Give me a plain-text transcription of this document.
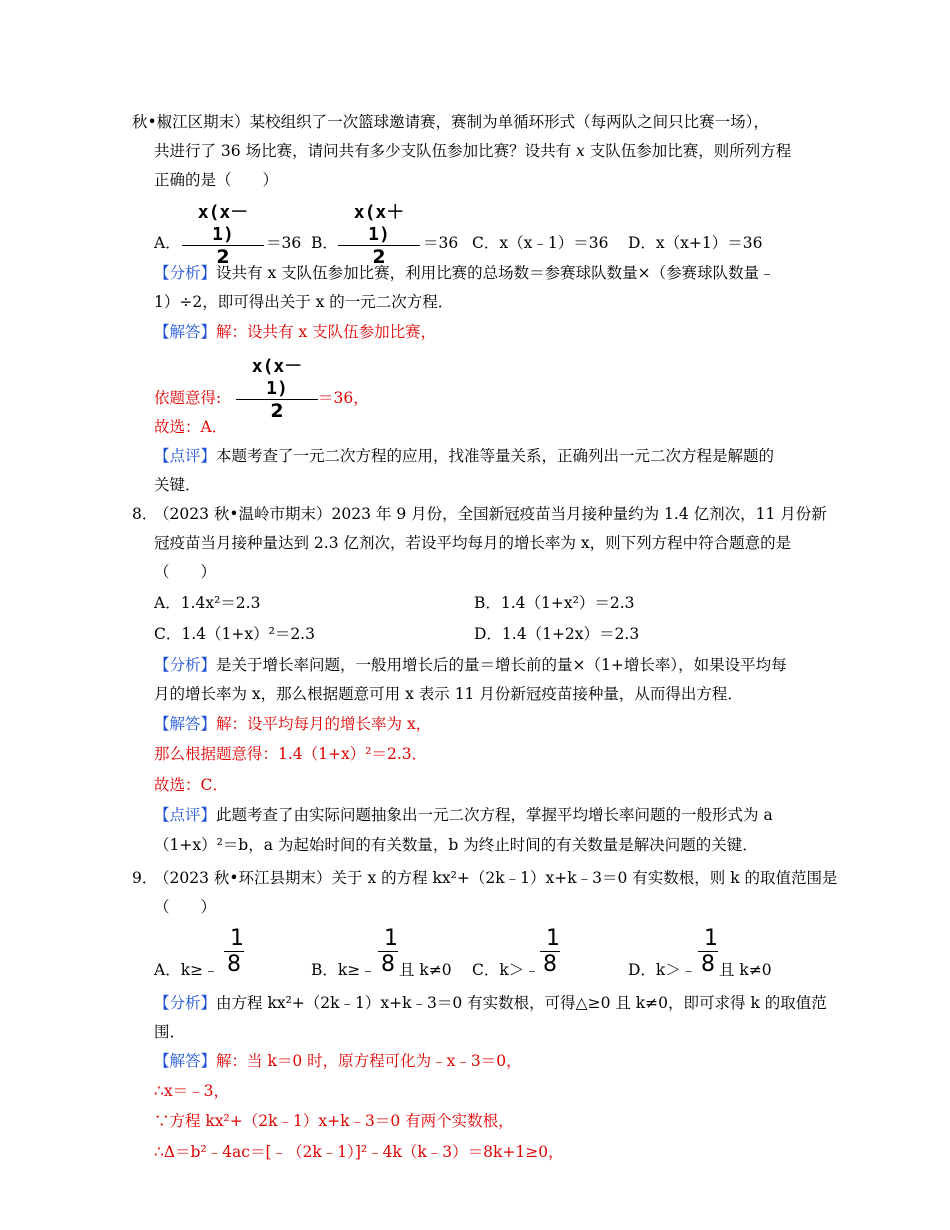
秋•椒江区期末）某校组织了一次篮球邀请赛，赛制为单循环形式（每两队之间只比赛一场），
共进行了 36 场比赛，请问共有多少支队伍参加比赛？设共有 x 支队伍参加比赛，则所列方程
正确的是（　　）
A．
x(x－1)
2
＝36 B．
x(x＋1)
2
＝36 C．x（x﹣1）＝36 D．x（x+1）＝36
【分析】设共有 x 支队伍参加比赛，利用比赛的总场数＝参赛球队数量×（参赛球队数量﹣
1）÷2，即可得出关于 x 的一元二次方程．
【解答】解：设共有 x 支队伍参加比赛，
依题意得:
x(x－1)
2
＝36，
故选：A．
【点评】本题考查了一元二次方程的应用，找准等量关系，正确列出一元二次方程是解题的
关键．
8．
（2023 秋•温岭市期末）2023 年 9 月份，全国新冠疫苗当月接种量约为 1.4 亿剂次，11 月份新
冠疫苗当月接种量达到 2.3 亿剂次，若设平均每月的增长率为 x，则下列方程中符合题意的是
（　　）
A．1.4x²＝2.3	B．1.4（1+x²）＝2.3
C．1.4（1+x）²＝2.3	D．1.4（1+2x）＝2.3
【分析】是关于增长率问题，一般用增长后的量＝增长前的量×（1+增长率），如果设平均每
月的增长率为 x，那么根据题意可用 x 表示 11 月份新冠疫苗接种量，从而得出方程．
【解答】解：设平均每月的增长率为 x，
那么根据题意得：1.4（1+x）²＝2.3．
故选：C．
【点评】此题考查了由实际问题抽象出一元二次方程，掌握平均增长率问题的一般形式为 a
（1+x）²＝b，a 为起始时间的有关数量，b 为终止时间的有关数量是解决问题的关键．
9．
（2023 秋•环江县期末）关于 x 的方程 kx²+（2k﹣1）x+k﹣3＝0 有实数根，则 k 的取值范围是
（　　）
A．k≥﹣
1
8	B．k≥﹣
1
8 且 k≠0 C．k＞﹣
1
8	D．k＞﹣
1
8 且 k≠0
【分析】由方程 kx²+（2k﹣1）x+k﹣3＝0 有实数根，可得△≥0 且 k≠0，即可求得 k 的取值范
围．
【解答】解：当 k＝0 时，原方程可化为﹣x﹣3＝0，
∴x＝﹣3，
∵方程 kx²+（2k﹣1）x+k﹣3＝0 有两个实数根，
∴Δ＝b²﹣4ac＝[﹣（2k﹣1）]²﹣4k（k﹣3）＝8k+1≥0，
